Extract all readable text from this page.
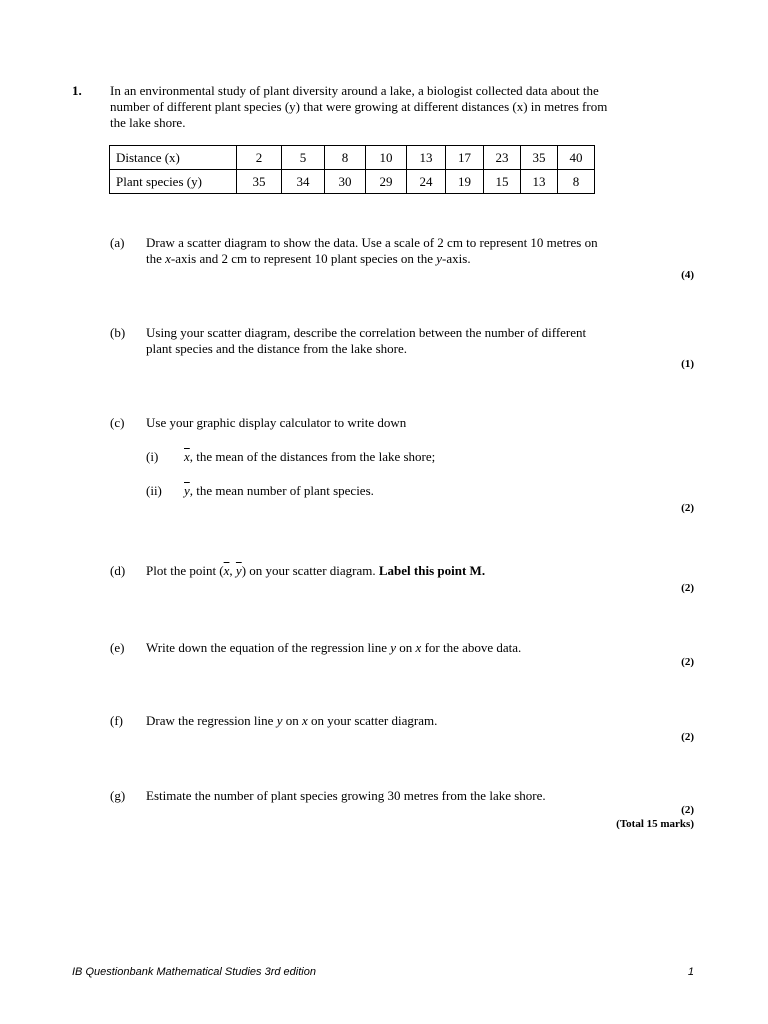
1. In an environmental study of plant diversity around a lake, a biologist collected data about the
number of different plant species (y) that were growing at different distances (x) in metres from
the lake shore.
Distance (x)	2	5	8	10	13	17	23	35	40
Plant species (y)	35	34	30	29	24	19	15	13	8
(a) Draw a scatter diagram to show the data. Use a scale of 2 cm to represent 10 metres on
the x-axis and 2 cm to represent 10 plant species on the y-axis.
(4)
(b) Using your scatter diagram, describe the correlation between the number of different
plant species and the distance from the lake shore.
(1)
(c) Use your graphic display calculator to write down
(i) $\overline{x}$, the mean of the distances from the lake shore;
(ii) $\overline{y}$, the mean number of plant species.
(2)
(d) Plot the point ($\overline{x}$, $\overline{y}$) on your scatter diagram. Label this point M.
(2)
(e) Write down the equation of the regression line y on x for the above data.
(2)
(f) Draw the regression line y on x on your scatter diagram.
(2)
(g) Estimate the number of plant species growing 30 metres from the lake shore.
(2)
(Total 15 marks)
IB Questionbank Mathematical Studies 3rd edition	1
